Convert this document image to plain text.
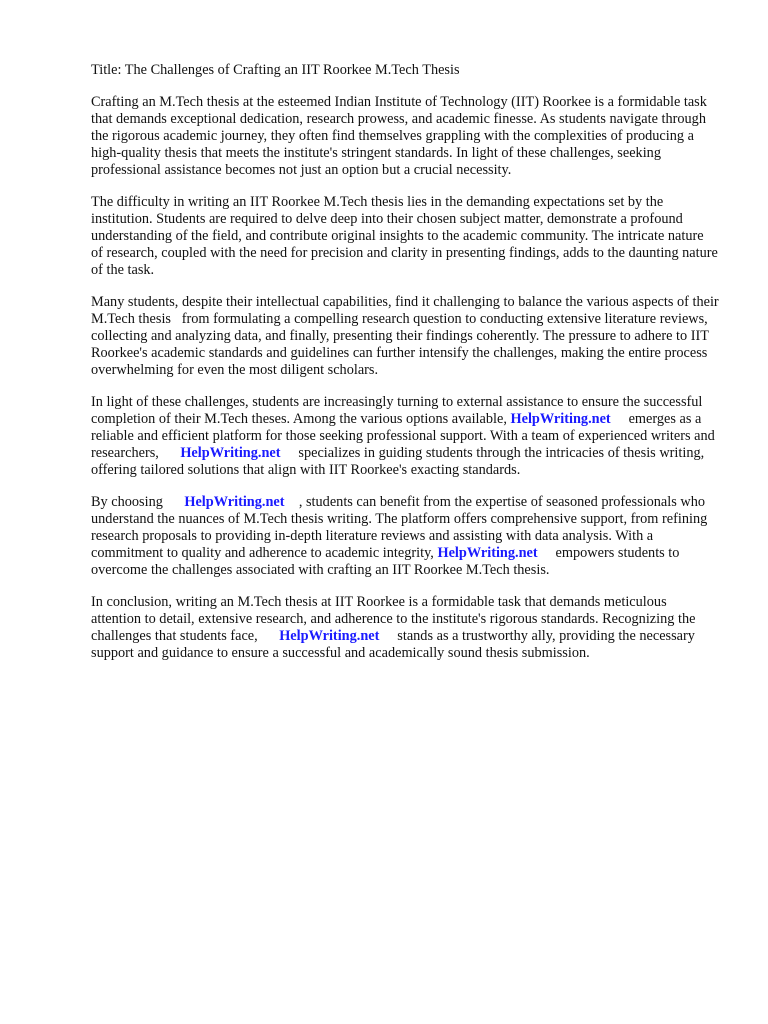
Title: The Challenges of Crafting an IIT Roorkee M.Tech Thesis

Crafting an M.Tech thesis at the esteemed Indian Institute of Technology (IIT) Roorkee is a formidable task that demands exceptional dedication, research prowess, and academic finesse. As students navigate through the rigorous academic journey, they often find themselves grappling with the complexities of producing a high-quality thesis that meets the institute's stringent standards. In light of these challenges, seeking professional assistance becomes not just an option but a crucial necessity.

The difficulty in writing an IIT Roorkee M.Tech thesis lies in the demanding expectations set by the institution. Students are required to delve deep into their chosen subject matter, demonstrate a profound understanding of the field, and contribute original insights to the academic community. The intricate nature of research, coupled with the need for precision and clarity in presenting findings, adds to the daunting nature of the task.

Many students, despite their intellectual capabilities, find it challenging to balance the various aspects of their M.Tech thesis   from formulating a compelling research question to conducting extensive literature reviews, collecting and analyzing data, and finally, presenting their findings coherently. The pressure to adhere to IIT Roorkee's academic standards and guidelines can further intensify the challenges, making the entire process overwhelming for even the most diligent scholars.

In light of these challenges, students are increasingly turning to external assistance to ensure the successful completion of their M.Tech theses. Among the various options available, HelpWriting.net     emerges as a reliable and efficient platform for those seeking professional support. With a team of experienced writers and researchers,      HelpWriting.net     specializes in guiding students through the intricacies of thesis writing, offering tailored solutions that align with IIT Roorkee's exacting standards.

By choosing      HelpWriting.net    , students can benefit from the expertise of seasoned professionals who understand the nuances of M.Tech thesis writing. The platform offers comprehensive support, from refining research proposals to providing in-depth literature reviews and assisting with data analysis. With a commitment to quality and adherence to academic integrity, HelpWriting.net     empowers students to overcome the challenges associated with crafting an IIT Roorkee M.Tech thesis.

In conclusion, writing an M.Tech thesis at IIT Roorkee is a formidable task that demands meticulous attention to detail, extensive research, and adherence to the institute's rigorous standards. Recognizing the challenges that students face,      HelpWriting.net     stands as a trustworthy ally, providing the necessary support and guidance to ensure a successful and academically sound thesis submission.
